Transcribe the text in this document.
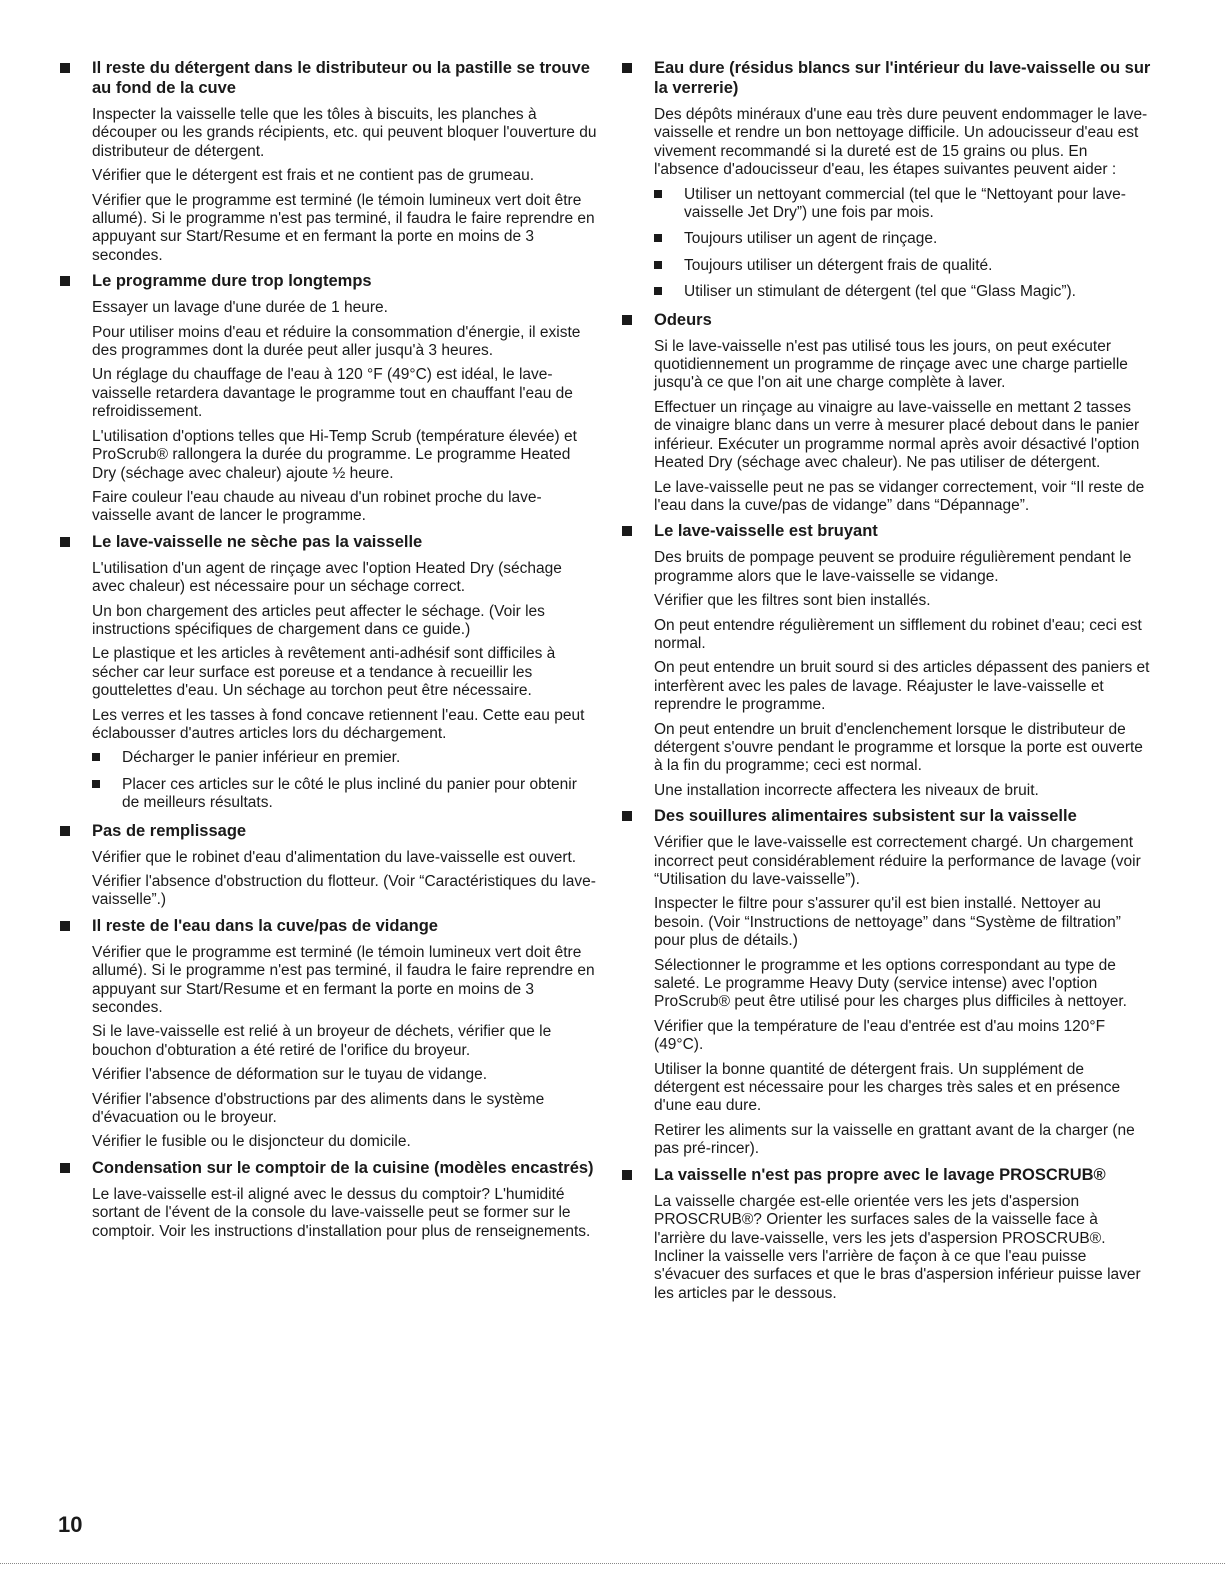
Il reste du détergent dans le distributeur ou la pastille se trouve au fond de la cuve

Inspecter la vaisselle telle que les tôles à biscuits, les planches à découper ou les grands récipients, etc. qui peuvent bloquer l'ouverture du distributeur de détergent.

Vérifier que le détergent est frais et ne contient pas de grumeau.

Vérifier que le programme est terminé (le témoin lumineux vert doit être allumé). Si le programme n'est pas terminé, il faudra le faire reprendre en appuyant sur Start/Resume et en fermant la porte en moins de 3 secondes.

Le programme dure trop longtemps

Essayer un lavage d'une durée de 1 heure.

Pour utiliser moins d'eau et réduire la consommation d'énergie, il existe des programmes dont la durée peut aller jusqu'à 3 heures.

Un réglage du chauffage de l'eau à 120 °F (49°C) est idéal, le lave-vaisselle retardera davantage le programme tout en chauffant l'eau de refroidissement.

L'utilisation d'options telles que Hi-Temp Scrub (température élevée) et ProScrub® rallongera la durée du programme. Le programme Heated Dry (séchage avec chaleur) ajoute ½ heure.

Faire couleur l'eau chaude au niveau d'un robinet proche du lave-vaisselle avant de lancer le programme.

Le lave-vaisselle ne sèche pas la vaisselle

L'utilisation d'un agent de rinçage avec l'option Heated Dry (séchage avec chaleur) est nécessaire pour un séchage correct.

Un bon chargement des articles peut affecter le séchage. (Voir les instructions spécifiques de chargement dans ce guide.)

Le plastique et les articles à revêtement anti-adhésif sont difficiles à sécher car leur surface est poreuse et a tendance à recueillir les gouttelettes d'eau. Un séchage au torchon peut être nécessaire.

Les verres et les tasses à fond concave retiennent l'eau. Cette eau peut éclabousser d'autres articles lors du déchargement.

Décharger le panier inférieur en premier.
Placer ces articles sur le côté le plus incliné du panier pour obtenir de meilleurs résultats.
Pas de remplissage

Vérifier que le robinet d'eau d'alimentation du lave-vaisselle est ouvert.

Vérifier l'absence d'obstruction du flotteur. (Voir “Caractéristiques du lave-vaisselle”.)

Il reste de l'eau dans la cuve/pas de vidange

Vérifier que le programme est terminé (le témoin lumineux vert doit être allumé). Si le programme n'est pas terminé, il faudra le faire reprendre en appuyant sur Start/Resume et en fermant la porte en moins de 3 secondes.

Si le lave-vaisselle est relié à un broyeur de déchets, vérifier que le bouchon d'obturation a été retiré de l'orifice du broyeur.

Vérifier l'absence de déformation sur le tuyau de vidange.

Vérifier l'absence d'obstructions par des aliments dans le système d'évacuation ou le broyeur.

Vérifier le fusible ou le disjoncteur du domicile.

Condensation sur le comptoir de la cuisine (modèles encastrés)

Le lave-vaisselle est-il aligné avec le dessus du comptoir? L'humidité sortant de l'évent de la console du lave-vaisselle peut se former sur le comptoir. Voir les instructions d'installation pour plus de renseignements.

Eau dure (résidus blancs sur l'intérieur du lave-vaisselle ou sur la verrerie)

Des dépôts minéraux d'une eau très dure peuvent endommager le lave-vaisselle et rendre un bon nettoyage difficile. Un adoucisseur d'eau est vivement recommandé si la dureté est de 15 grains ou plus. En l'absence d'adoucisseur d'eau, les étapes suivantes peuvent aider :

Utiliser un nettoyant commercial (tel que le “Nettoyant pour lave-vaisselle Jet Dry”) une fois par mois.
Toujours utiliser un agent de rinçage.
Toujours utiliser un détergent frais de qualité.
Utiliser un stimulant de détergent (tel que “Glass Magic”).
Odeurs

Si le lave-vaisselle n'est pas utilisé tous les jours, on peut exécuter quotidiennement un programme de rinçage avec une charge partielle jusqu'à ce que l'on ait une charge complète à laver.

Effectuer un rinçage au vinaigre au lave-vaisselle en mettant 2 tasses de vinaigre blanc dans un verre à mesurer placé debout dans le panier inférieur. Exécuter un programme normal après avoir désactivé l'option Heated Dry (séchage avec chaleur). Ne pas utiliser de détergent.

Le lave-vaisselle peut ne pas se vidanger correctement, voir “Il reste de l'eau dans la cuve/pas de vidange” dans “Dépannage”.

Le lave-vaisselle est bruyant

Des bruits de pompage peuvent se produire régulièrement pendant le programme alors que le lave-vaisselle se vidange.

Vérifier que les filtres sont bien installés.

On peut entendre régulièrement un sifflement du robinet d'eau; ceci est normal.

On peut entendre un bruit sourd si des articles dépassent des paniers et interfèrent avec les pales de lavage. Réajuster le lave-vaisselle et reprendre le programme.

On peut entendre un bruit d'enclenchement lorsque le distributeur de détergent s'ouvre pendant le programme et lorsque la porte est ouverte à la fin du programme; ceci est normal.

Une installation incorrecte affectera les niveaux de bruit.

Des souillures alimentaires subsistent sur la vaisselle

Vérifier que le lave-vaisselle est correctement chargé. Un chargement incorrect peut considérablement réduire la performance de lavage (voir “Utilisation du lave-vaisselle”).

Inspecter le filtre pour s'assurer qu'il est bien installé. Nettoyer au besoin. (Voir “Instructions de nettoyage” dans “Système de filtration” pour plus de détails.)

Sélectionner le programme et les options correspondant au type de saleté. Le programme Heavy Duty (service intense) avec l'option ProScrub® peut être utilisé pour les charges plus difficiles à nettoyer.

Vérifier que la température de l'eau d'entrée est d'au moins 120°F (49°C).

Utiliser la bonne quantité de détergent frais. Un supplément de détergent est nécessaire pour les charges très sales et en présence d'une eau dure.

Retirer les aliments sur la vaisselle en grattant avant de la charger (ne pas pré-rincer).

La vaisselle n'est pas propre avec le lavage PROSCRUB®

La vaisselle chargée est-elle orientée vers les jets d'aspersion PROSCRUB®? Orienter les surfaces sales de la vaisselle face à l'arrière du lave-vaisselle, vers les jets d'aspersion PROSCRUB®. Incliner la vaisselle vers l'arrière de façon à ce que l'eau puisse s'évacuer des surfaces et que le bras d'aspersion inférieur puisse laver les articles par le dessous.

10
